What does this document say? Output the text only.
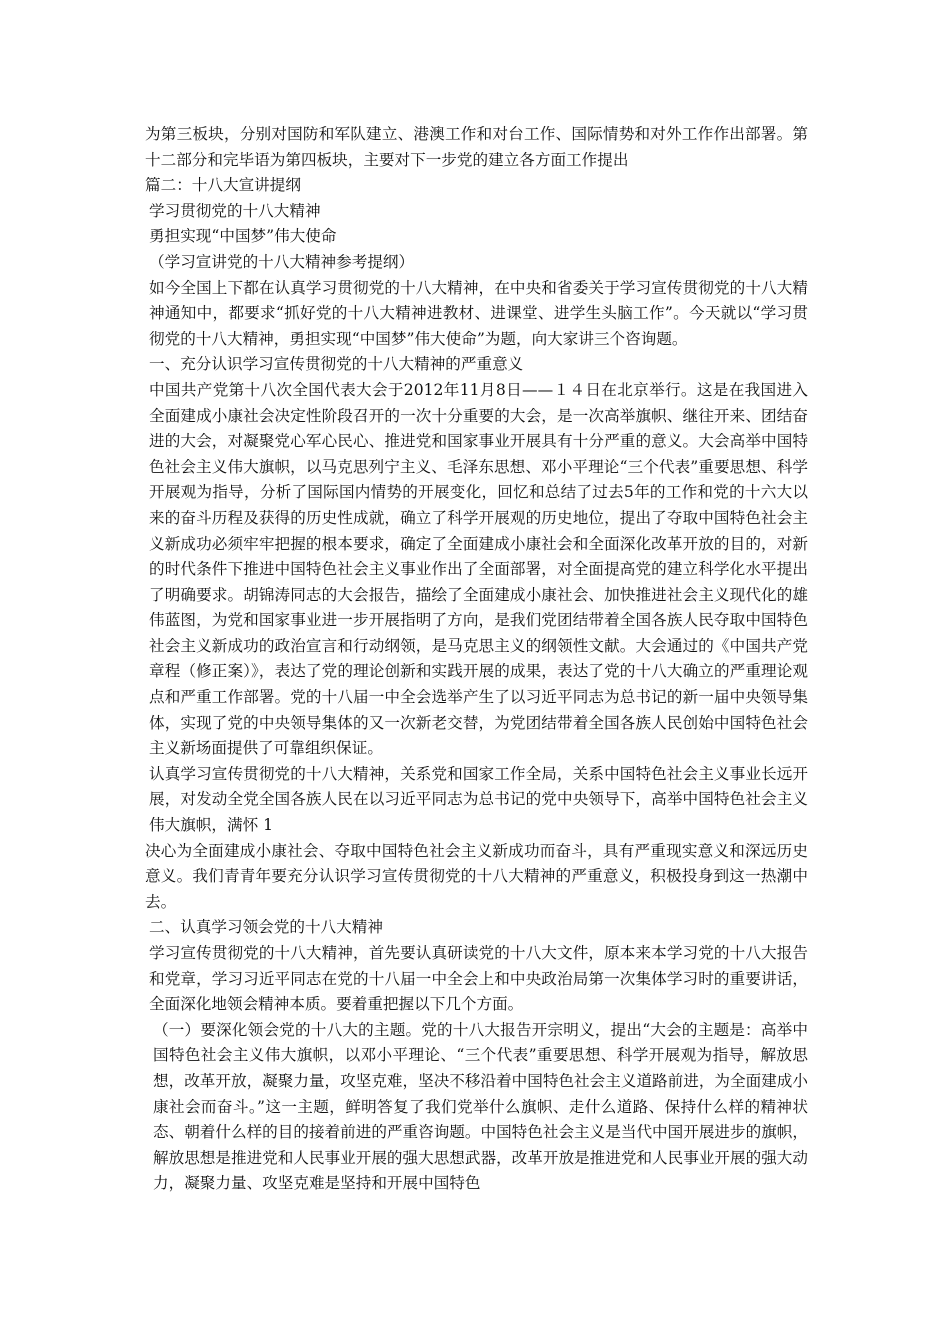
为第三板块，分别对国防和军队建立、港澳工作和对台工作、国际情势和对外工作作出部署。第十二部分和完毕语为第四板块，主要对下一步党的建立各方面工作提出

篇二：十八大宣讲提纲

学习贯彻党的十八大精神

勇担实现“中国梦”伟大使命

（学习宣讲党的十八大精神参考提纲）

如今全国上下都在认真学习贯彻党的十八大精神，在中央和省委关于学习宣传贯彻党的十八大精神通知中，都要求“抓好党的十八大精神进教材、进课堂、进学生头脑工作”。今天就以“学习贯彻党的十八大精神，勇担实现“中国梦”伟大使命”为题，向大家讲三个咨询题。

一、充分认识学习宣传贯彻党的十八大精神的严重意义

中国共产党第十八次全国代表大会于2012年11月8日——１４日在北京举行。这是在我国进入全面建成小康社会决定性阶段召开的一次十分重要的大会，是一次高举旗帜、继往开来、团结奋进的大会，对凝聚党心军心民心、推进党和国家事业开展具有十分严重的意义。大会高举中国特色社会主义伟大旗帜，以马克思列宁主义、毛泽东思想、邓小平理论“三个代表”重要思想、科学开展观为指导，分析了国际国内情势的开展变化，回忆和总结了过去5年的工作和党的十六大以来的奋斗历程及获得的历史性成就，确立了科学开展观的历史地位，提出了夺取中国特色社会主义新成功必须牢牢把握的根本要求，确定了全面建成小康社会和全面深化改革开放的目的，对新的时代条件下推进中国特色社会主义事业作出了全面部署，对全面提高党的建立科学化水平提出了明确要求。胡锦涛同志的大会报告，描绘了全面建成小康社会、加快推进社会主义现代化的雄伟蓝图，为党和国家事业进一步开展指明了方向，是我们党团结带着全国各族人民夺取中国特色社会主义新成功的政治宣言和行动纲领，是马克思主义的纲领性文献。大会通过的《中国共产党章程（修正案）》，表达了党的理论创新和实践开展的成果，表达了党的十八大确立的严重理论观点和严重工作部署。党的十八届一中全会选举产生了以习近平同志为总书记的新一届中央领导集体，实现了党的中央领导集体的又一次新老交替，为党团结带着全国各族人民创始中国特色社会主义新场面提供了可靠组织保证。

认真学习宣传贯彻党的十八大精神，关系党和国家工作全局，关系中国特色社会主义事业长远开展，对发动全党全国各族人民在以习近平同志为总书记的党中央领导下，高举中国特色社会主义伟大旗帜，满怀 1

决心为全面建成小康社会、夺取中国特色社会主义新成功而奋斗，具有严重现实意义和深远历史意义。我们青青年要充分认识学习宣传贯彻党的十八大精神的严重意义，积极投身到这一热潮中去。

二、认真学习领会党的十八大精神

学习宣传贯彻党的十八大精神，首先要认真研读党的十八大文件，原本来本学习党的十八大报告和党章，学习习近平同志在党的十八届一中全会上和中央政治局第一次集体学习时的重要讲话，全面深化地领会精神本质。要着重把握以下几个方面。

（一）要深化领会党的十八大的主题。党的十八大报告开宗明义，提出“大会的主题是：高举中国特色社会主义伟大旗帜，以邓小平理论、“三个代表”重要思想、科学开展观为指导，解放思想，改革开放，凝聚力量，攻坚克难，坚决不移沿着中国特色社会主义道路前进，为全面建成小康社会而奋斗。”这一主题，鲜明答复了我们党举什么旗帜、走什么道路、保持什么样的精神状态、朝着什么样的目的接着前进的严重咨询题。中国特色社会主义是当代中国开展进步的旗帜，解放思想是推进党和人民事业开展的强大思想武器，改革开放是推进党和人民事业开展的强大动力，凝聚力量、攻坚克难是坚持和开展中国特色
